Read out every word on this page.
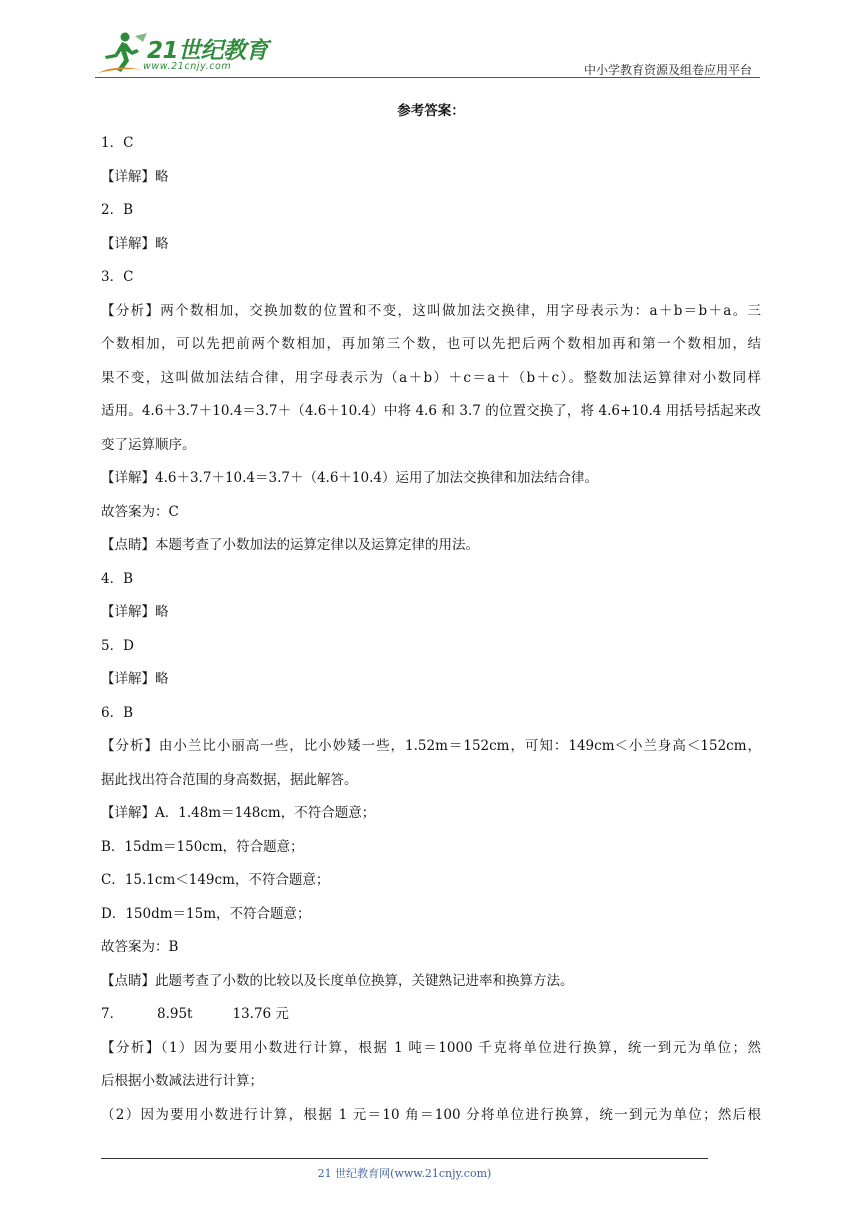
21世纪教育
www.21cnjy.com	中小学教育资源及组卷应用平台
参考答案：
1．C
【详解】略
2．B
【详解】略
3．C
【分析】两个数相加，交换加数的位置和不变，这叫做加法交换律，用字母表示为：a＋b＝b＋a。三
个数相加，可以先把前两个数相加，再加第三个数，也可以先把后两个数相加再和第一个数相加，结
果不变，这叫做加法结合律，用字母表示为（a＋b）＋c＝a＋（b＋c）。整数加法运算律对小数同样
适用。4.6＋3.7＋10.4＝3.7＋（4.6＋10.4）中将 4.6 和 3.7 的位置交换了，将 4.6+10.4 用括号括起来改
变了运算顺序。
【详解】4.6＋3.7＋10.4＝3.7＋（4.6＋10.4）运用了加法交换律和加法结合律。
故答案为：C
【点睛】本题考查了小数加法的运算定律以及运算定律的用法。
4．B
【详解】略
5．D
【详解】略
6．B
【分析】由小兰比小丽高一些，比小妙矮一些，1.52m＝152cm，可知：149cm＜小兰身高＜152cm，
据此找出符合范围的身高数据，据此解答。
【详解】A．1.48m＝148cm，不符合题意；
B．15dm＝150cm，符合题意；
C．15.1cm＜149cm，不符合题意；
D．150dm＝15m，不符合题意；
故答案为：B
【点睛】此题考查了小数的比较以及长度单位换算，关键熟记进率和换算方法。
7．	8.95t	13.76 元
【分析】（1）因为要用小数进行计算，根据 1 吨＝1000 千克将单位进行换算，统一到元为单位；然
后根据小数减法进行计算；
（2）因为要用小数进行计算，根据 1 元＝10 角＝100 分将单位进行换算，统一到元为单位；然后根
21 世纪教育网(www.21cnjy.com)
